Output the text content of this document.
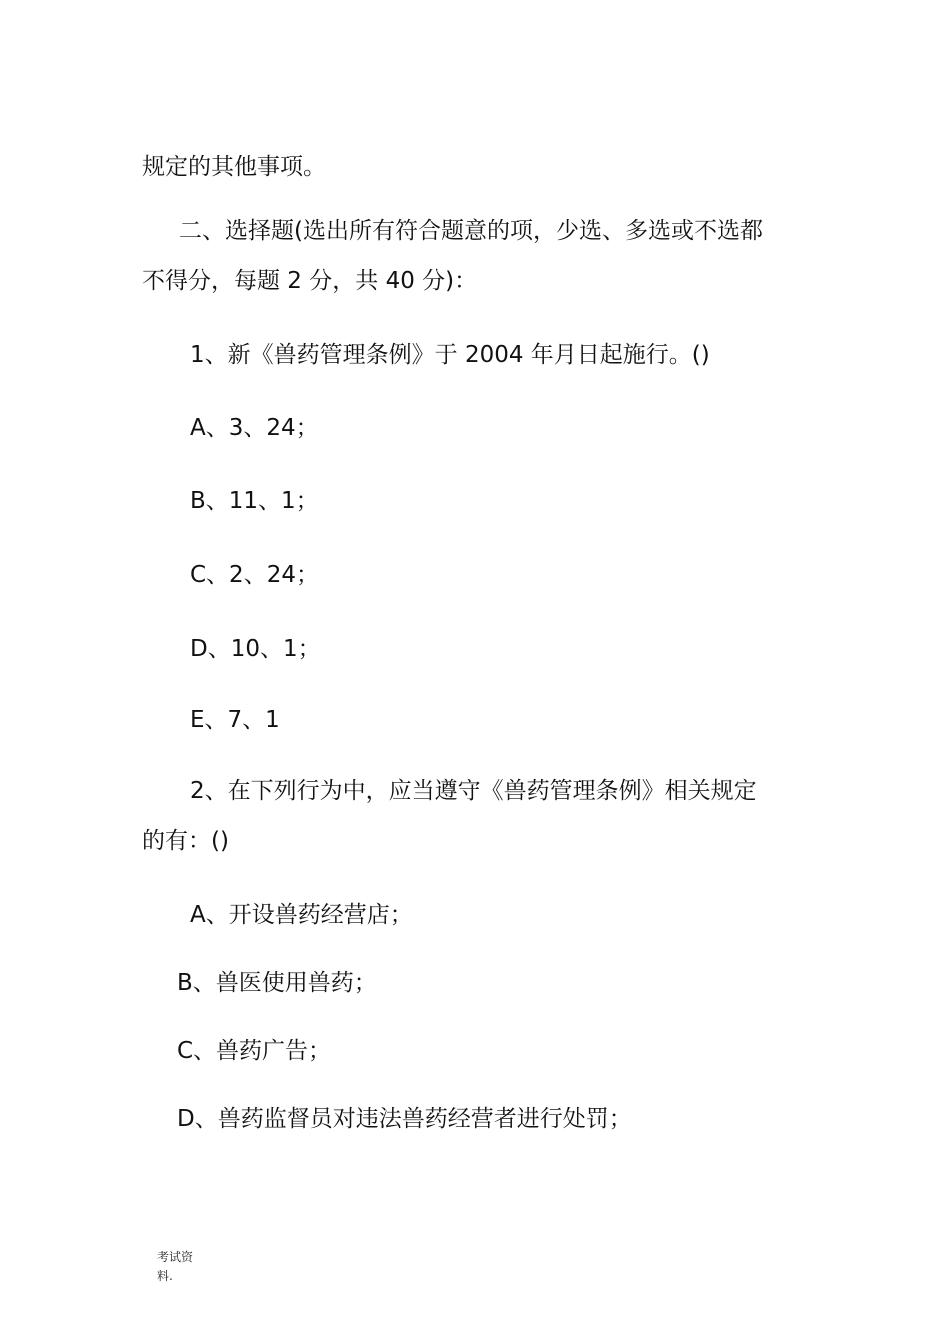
规定的其他事项。
二、选择题(选出所有符合题意的项，少选、多选或不选都
不得分，每题 2 分，共 40 分)：
1、新《兽药管理条例》于 2004 年月日起施行。()
A、3、24；
B、11、1；
C、2、24；
D、10、1；
E、7、1
2、在下列行为中，应当遵守《兽药管理条例》相关规定
的有：()
A、开设兽药经营店；
B、兽医使用兽药；
C、兽药广告；
D、兽药监督员对违法兽药经营者进行处罚；
考试资
料.
